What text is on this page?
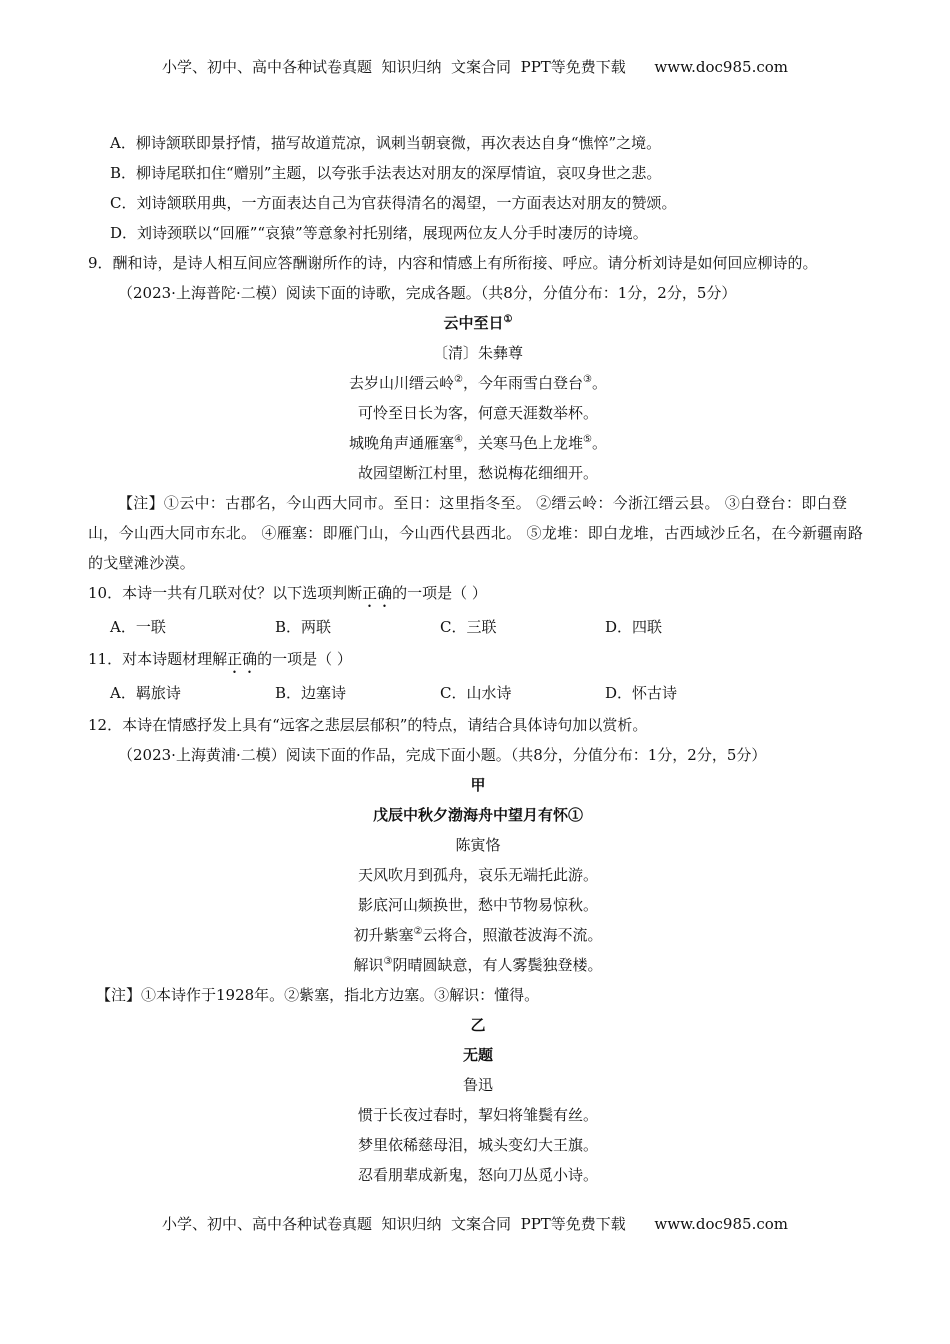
小学、初中、高中各种试卷真题  知识归纳  文案合同  PPT等免费下载      www.doc985.com
A．柳诗颔联即景抒情，描写故道荒凉，讽刺当朝衰微，再次表达自身“憔悴”之境。
B．柳诗尾联扣住“赠别”主题，以夸张手法表达对朋友的深厚情谊，哀叹身世之悲。
C．刘诗颔联用典，一方面表达自己为官获得清名的渴望，一方面表达对朋友的赞颂。
D．刘诗颈联以“回雁”“哀猿”等意象衬托别绪，展现两位友人分手时凄厉的诗境。
9．酬和诗，是诗人相互间应答酬谢所作的诗，内容和情感上有所衔接、呼应。请分析刘诗是如何回应柳诗的。
（2023·上海普陀·二模）阅读下面的诗歌，完成各题。（共8分，分值分布：1分，2分，5分）
云中至日①
〔清〕朱彝尊
去岁山川缙云岭②，今年雨雪白登台③。
可怜至日长为客，何意天涯数举杯。
城晚角声通雁塞④，关寒马色上龙堆⑤。
故园望断江村里，愁说梅花细细开。
【注】①云中：古郡名，今山西大同市。至日：这里指冬至。 ②缙云岭：今浙江缙云县。 ③白登台：即白登山，今山西大同市东北。 ④雁塞：即雁门山，今山西代县西北。 ⑤龙堆：即白龙堆，古西域沙丘名，在今新疆南路的戈壁滩沙漠。
10．本诗一共有几联对仗？以下选项判断正确的一项是（ ）
A．一联	B．两联	C．三联	D．四联
11．对本诗题材理解正确的一项是（ ）
A．羁旅诗	B．边塞诗	C．山水诗	D．怀古诗
12．本诗在情感抒发上具有“远客之悲层层郁积”的特点，请结合具体诗句加以赏析。
（2023·上海黄浦·二模）阅读下面的作品，完成下面小题。（共8分，分值分布：1分，2分，5分）
甲
戊辰中秋夕渤海舟中望月有怀①
陈寅恪
天风吹月到孤舟，哀乐无端托此游。
影底河山频换世，愁中节物易惊秋。
初升紫塞②云将合，照澈苍波海不流。
解识③阴晴圆缺意，有人雾鬓独登楼。
【注】①本诗作于1928年。②紫塞，指北方边塞。③解识：懂得。
乙
无题
鲁迅
惯于长夜过春时，挈妇将雏鬓有丝。
梦里依稀慈母泪，城头变幻大王旗。
忍看朋辈成新鬼，怒向刀丛觅小诗。
小学、初中、高中各种试卷真题  知识归纳  文案合同  PPT等免费下载      www.doc985.com
